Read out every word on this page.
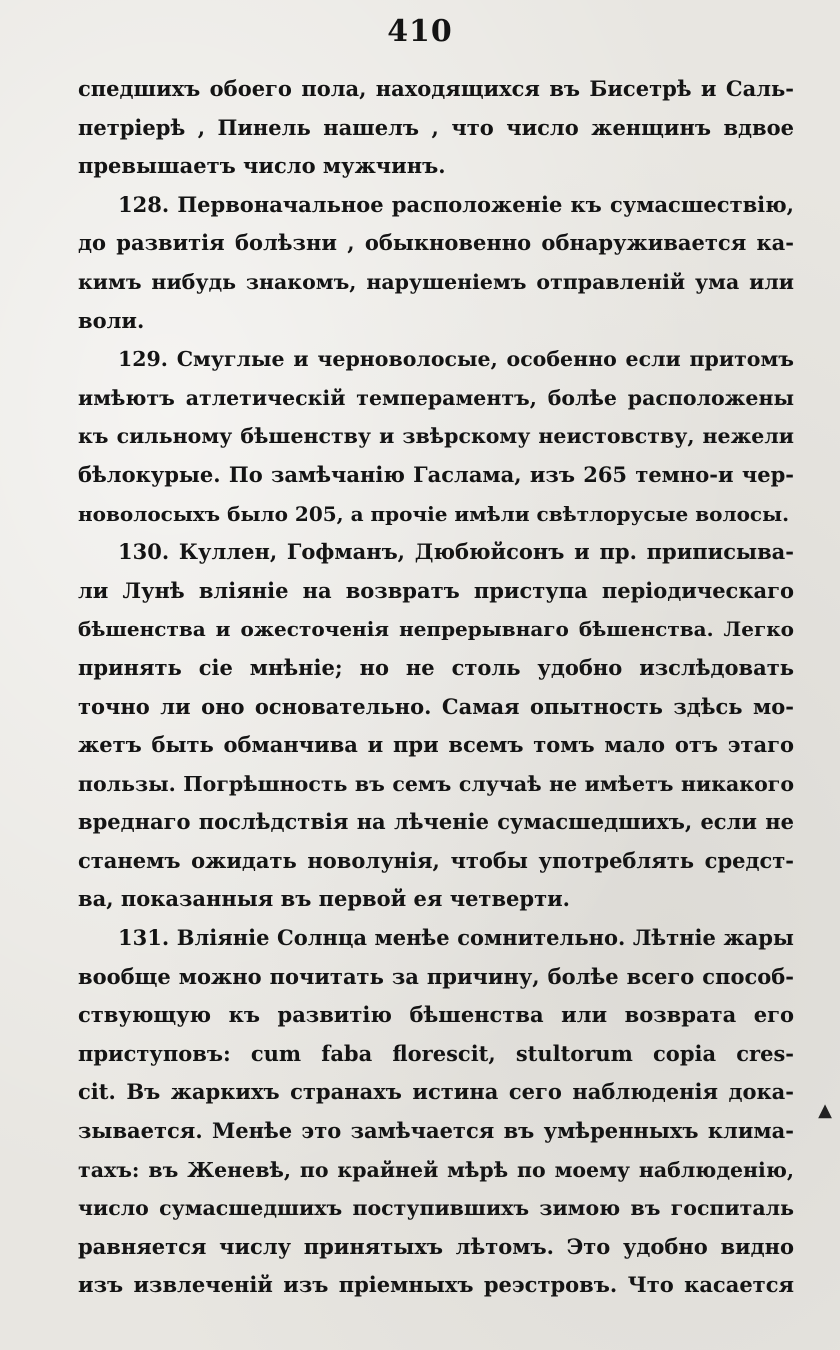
410
спедшихъ обоего пола, находящихся въ Бисетрѣ и Саль-
петріерѣ , Пинель нашелъ , что число женщинъ вдвое
превышаетъ число мужчинъ.
128. Первоначальное расположеніе къ сумасшествію,
до развитія болѣзни , обыкновенно обнаруживается ка-
кимъ нибудь знакомъ, нарушеніемъ отправленій ума или
воли.
129. Смуглые и черноволосые, особенно если притомъ
имѣютъ атлетическій темпераментъ, болѣе расположены
къ сильному бѣшенству и звѣрскому неистовству, нежели
бѣлокурые. По замѣчанію Гаслама, изъ 265 темно-и чер-
новолосыхъ было 205, а прочіе имѣли свѣтлорусые волосы.
130. Куллен, Гофманъ, Дюбюйсонъ и пр. приписыва-
ли Лунѣ вліяніе на возвратъ приступа періодическаго
бѣшенства и ожесточенія непрерывнаго бѣшенства. Легко
принять сіе мнѣніе; но не столь удобно изслѣдовать
точно ли оно основательно. Самая опытность здѣсь мо-
жетъ быть обманчива и при всемъ томъ мало отъ этаго
пользы. Погрѣшность въ семъ случаѣ не имѣетъ никакого
вреднаго послѣдствія на лѣченіе сумасшедшихъ, если не
станемъ ожидать новолунія, чтобы употреблять средст-
ва, показанныя въ первой ея четверти.
131. Вліяніе Солнца менѣе сомнительно. Лѣтніе жары
вообще можно почитать за причину, болѣе всего способ-
ствующую къ развитію бѣшенства или возврата его
приступовъ: cum faba florescit, stultorum copia cres-
cit. Въ жаркихъ странахъ истина сего наблюденія дока-
зывается. Менѣе это замѣчается въ умѣренныхъ клима-
тахъ: въ Женевѣ, по крайней мѣрѣ по моему наблюденію,
число сумасшедшихъ поступившихъ зимою въ госпиталь
равняется числу принятыхъ лѣтомъ. Это удобно видно
изъ извлеченій изъ пріемныхъ реэстровъ. Что касается
▲
